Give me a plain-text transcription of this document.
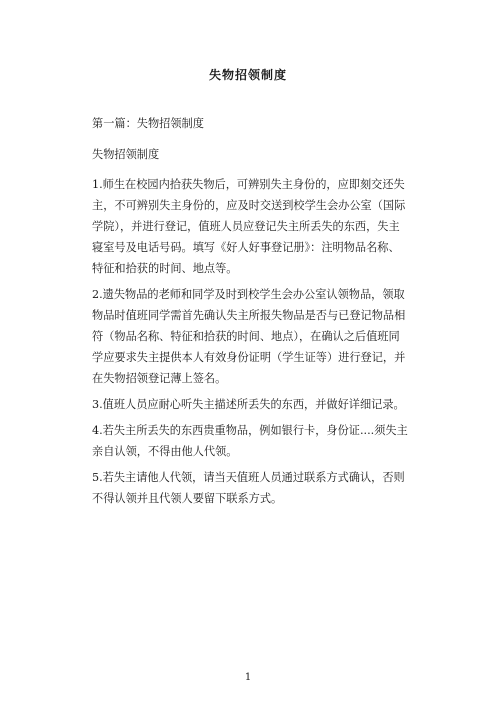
失物招领制度

第一篇：失物招领制度

失物招领制度

1.师生在校园内拾获失物后，可辨别失主身份的，应即刻交还失主，不可辨别失主身份的，应及时交送到校学生会办公室（国际学院），并进行登记，值班人员应登记失主所丢失的东西，失主寝室号及电话号码。填写《好人好事登记册》：注明物品名称、特征和拾获的时间、地点等。

2.遗失物品的老师和同学及时到校学生会办公室认领物品，领取物品时值班同学需首先确认失主所报失物品是否与已登记物品相符（物品名称、特征和拾获的时间、地点），在确认之后值班同学应要求失主提供本人有效身份证明（学生证等）进行登记，并在失物招领登记薄上签名。

3.值班人员应耐心听失主描述所丢失的东西，并做好详细记录。

4.若失主所丢失的东西贵重物品，例如银行卡，身份证....须失主亲自认领，不得由他人代领。

5.若失主请他人代领，请当天值班人员通过联系方式确认，否则不得认领并且代领人要留下联系方式。

1
